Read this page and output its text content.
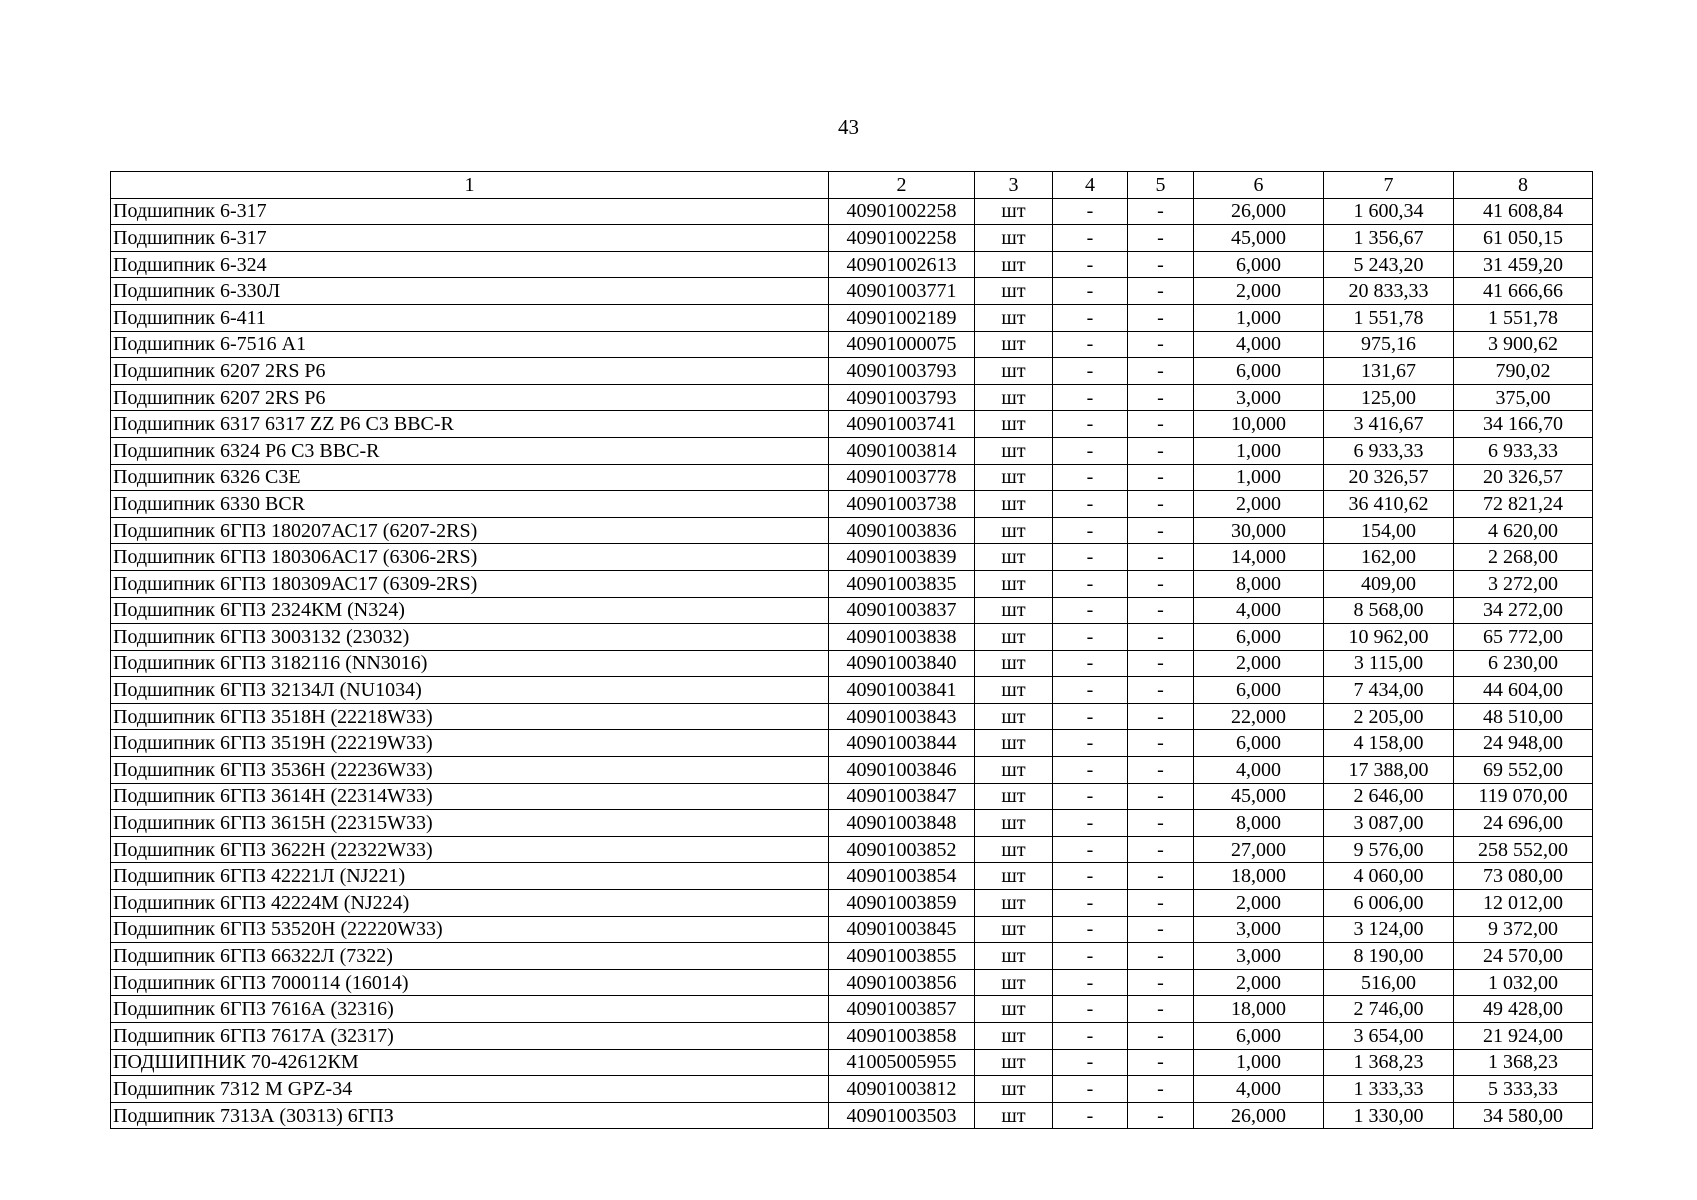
43
1	2	3	4	5	6	7	8
Подшипник 6-317	40901002258	шт	-	-	26,000	1 600,34	41 608,84
Подшипник 6-317	40901002258	шт	-	-	45,000	1 356,67	61 050,15
Подшипник 6-324	40901002613	шт	-	-	6,000	5 243,20	31 459,20
Подшипник 6-330Л	40901003771	шт	-	-	2,000	20 833,33	41 666,66
Подшипник 6-411	40901002189	шт	-	-	1,000	1 551,78	1 551,78
Подшипник 6-7516 А1	40901000075	шт	-	-	4,000	975,16	3 900,62
Подшипник 6207 2RS P6	40901003793	шт	-	-	6,000	131,67	790,02
Подшипник 6207 2RS P6	40901003793	шт	-	-	3,000	125,00	375,00
Подшипник 6317 6317 ZZ P6 C3 BBC-R	40901003741	шт	-	-	10,000	3 416,67	34 166,70
Подшипник 6324 P6 C3 BBC-R	40901003814	шт	-	-	1,000	6 933,33	6 933,33
Подшипник 6326 С3Е	40901003778	шт	-	-	1,000	20 326,57	20 326,57
Подшипник 6330 BCR	40901003738	шт	-	-	2,000	36 410,62	72 821,24
Подшипник 6ГПЗ 180207АС17 (6207-2RS)	40901003836	шт	-	-	30,000	154,00	4 620,00
Подшипник 6ГПЗ 180306АС17 (6306-2RS)	40901003839	шт	-	-	14,000	162,00	2 268,00
Подшипник 6ГПЗ 180309АС17 (6309-2RS)	40901003835	шт	-	-	8,000	409,00	3 272,00
Подшипник 6ГПЗ 2324КМ (N324)	40901003837	шт	-	-	4,000	8 568,00	34 272,00
Подшипник 6ГПЗ 3003132 (23032)	40901003838	шт	-	-	6,000	10 962,00	65 772,00
Подшипник 6ГПЗ 3182116 (NN3016)	40901003840	шт	-	-	2,000	3 115,00	6 230,00
Подшипник 6ГПЗ 32134Л (NU1034)	40901003841	шт	-	-	6,000	7 434,00	44 604,00
Подшипник 6ГПЗ 3518Н (22218W33)	40901003843	шт	-	-	22,000	2 205,00	48 510,00
Подшипник 6ГПЗ 3519Н (22219W33)	40901003844	шт	-	-	6,000	4 158,00	24 948,00
Подшипник 6ГПЗ 3536Н (22236W33)	40901003846	шт	-	-	4,000	17 388,00	69 552,00
Подшипник 6ГПЗ 3614Н (22314W33)	40901003847	шт	-	-	45,000	2 646,00	119 070,00
Подшипник 6ГПЗ 3615Н (22315W33)	40901003848	шт	-	-	8,000	3 087,00	24 696,00
Подшипник 6ГПЗ 3622Н (22322W33)	40901003852	шт	-	-	27,000	9 576,00	258 552,00
Подшипник 6ГПЗ 42221Л (NJ221)	40901003854	шт	-	-	18,000	4 060,00	73 080,00
Подшипник 6ГПЗ 42224М (NJ224)	40901003859	шт	-	-	2,000	6 006,00	12 012,00
Подшипник 6ГПЗ 53520Н (22220W33)	40901003845	шт	-	-	3,000	3 124,00	9 372,00
Подшипник 6ГПЗ 66322Л (7322)	40901003855	шт	-	-	3,000	8 190,00	24 570,00
Подшипник 6ГПЗ 7000114 (16014)	40901003856	шт	-	-	2,000	516,00	1 032,00
Подшипник 6ГПЗ 7616А (32316)	40901003857	шт	-	-	18,000	2 746,00	49 428,00
Подшипник 6ГПЗ 7617А (32317)	40901003858	шт	-	-	6,000	3 654,00	21 924,00
ПОДШИПНИК 70-42612КМ	41005005955	шт	-	-	1,000	1 368,23	1 368,23
Подшипник 7312 M GPZ-34	40901003812	шт	-	-	4,000	1 333,33	5 333,33
Подшипник 7313А (30313) 6ГПЗ	40901003503	шт	-	-	26,000	1 330,00	34 580,00
